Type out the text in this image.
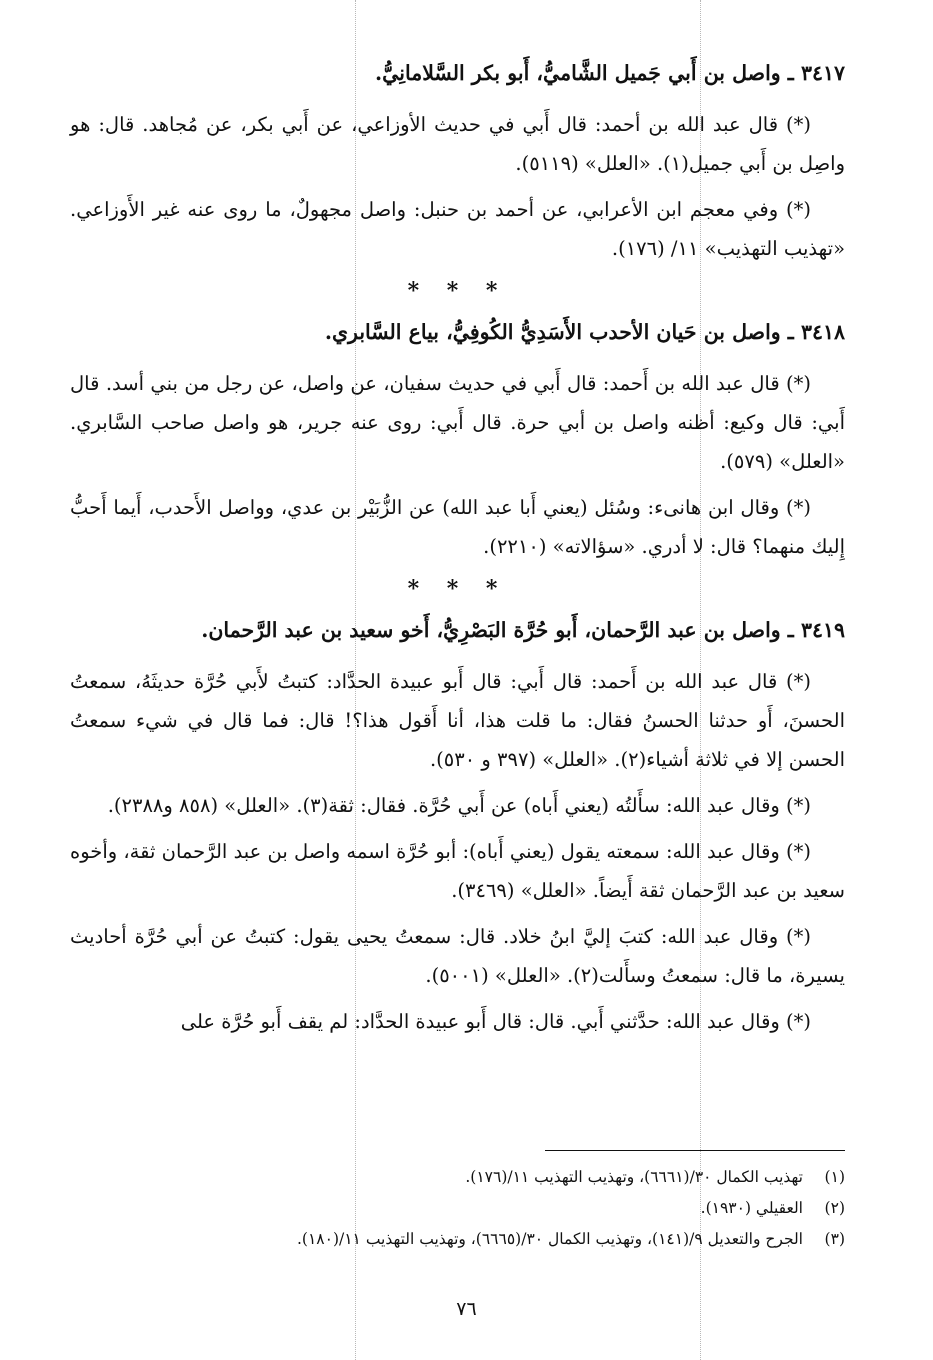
٣٤١٧ ـ واصل بن أَبي جَميل الشَّاميُّ، أَبو بكر السَّلامانِيُّ.

(*) قال عبد الله بن أحمد: قال أَبي في حديث الأوزاعي، عن أَبي بكر، عن مُجاهد. قال: هو واصِل بن أَبي جميل(١). «العلل» (٥١١٩).

(*) وفي معجم ابن الأعرابي، عن أحمد بن حنبل: واصل مجهولٌ، ما روى عنه غير الأَوزاعي. «تهذيب التهذيب» ١١/ (١٧٦).

* * *
٣٤١٨ ـ واصل بن حَيان الأحدب الأَسَدِيُّ الكُوفِيُّ، بياع السَّابري.

(*) قال عبد الله بن أَحمد: قال أَبي في حديث سفيان، عن واصل، عن رجل من بني أسد. قال أَبي: قال وكيع: أظنه واصل بن أبي حرة. قال أَبي: روى عنه جرير، هو واصل صاحب السَّابري. «العلل» (٥٧٩).

(*) وقال ابن هانىء: وسُئل (يعني أَبا عبد الله) عن الزُّبَيْر بن عدي، وواصل الأَحدب، أَيما أَحبُّ إِليك منهما؟ قال: لا أدري. «سؤالاته» (٢٢١٠).

* * *
٣٤١٩ ـ واصل بن عبد الرَّحمان، أَبو حُرَّة البَصْرِيُّ، أَخو سعيد بن عبد الرَّحمان.

(*) قال عبد الله بن أَحمد: قال أَبي: قال أَبو عبيدة الحدَّاد: كتبتُ لأَبي حُرَّة حديثَهُ، سمعتُ الحسنَ، أَو حدثنا الحسنُ فقال: ما قلت هذا، أنا أَقول هذا؟! قال: فما قال في شيء سمعتُ الحسن إلا في ثلاثة أشياء(٢). «العلل» (٣٩٧ و ٥٣٠).

(*) وقال عبد الله: سأَلتُه (يعني أَباه) عن أَبي حُرَّة. فقال: ثقة(٣). «العلل» (٨٥٨ و٢٣٨٨).

(*) وقال عبد الله: سمعته يقول (يعني أَباه): أبو حُرَّة اسمه واصل بن عبد الرَّحمان ثقة، وأخوه سعيد بن عبد الرَّحمان ثقة أَيضاً. «العلل» (٣٤٦٩).

(*) وقال عبد الله: كتبَ إليَّ ابنُ خلاد. قال: سمعتُ يحيى يقول: كتبتُ عن أبي حُرَّة أحاديث يسيرة، ما قال: سمعتُ وسأَلت(٢). «العلل» (٥٠٠١).

(*) وقال عبد الله: حدَّثني أَبي. قال: قال أَبو عبيدة الحدَّاد: لم يقف أَبو حُرَّة على

(١)
تهذيب الكمال ٣٠/(٦٦٦١)، وتهذيب التهذيب ١١/(١٧٦).
(٢)
العقيلي (١٩٣٠).
(٣)
الجرح والتعديل ٩/(١٤١)، وتهذيب الكمال ٣٠/(٦٦٦٥)، وتهذيب التهذيب ١١/(١٨٠).
٧٦
